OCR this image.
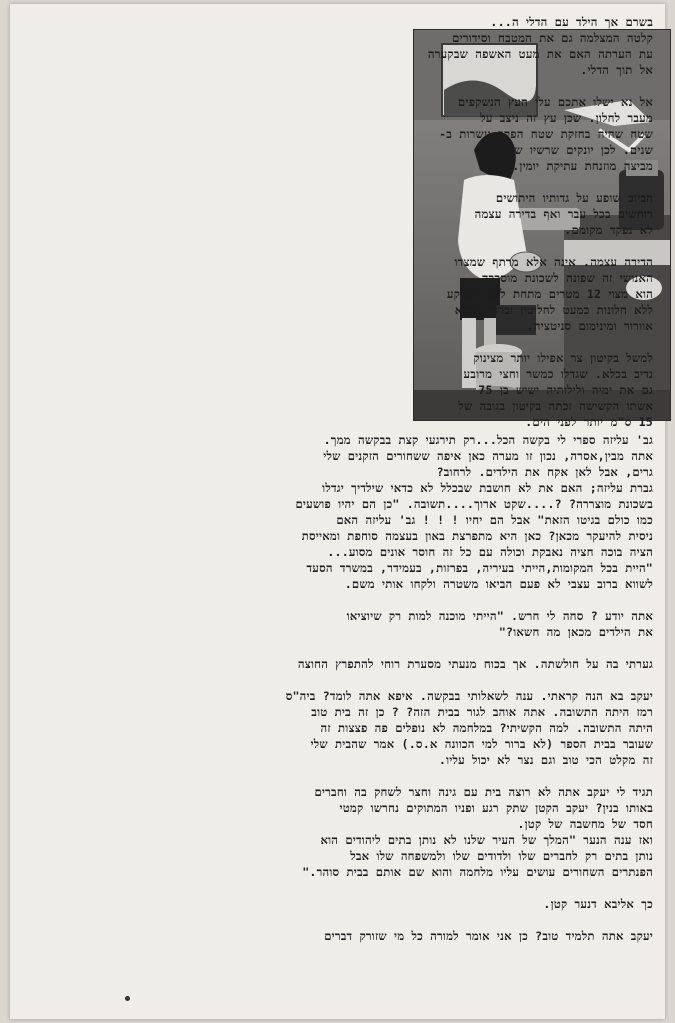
בשרם אך הילד עם הדלי ה...

קלטה המצלמה גם את המטבח וסידורים

עת הערתה האם את מעט האשפה שבקערה

אל תוך הדלי.

אל נא ישלו אתכם עלי העץ הנשקפים

מעבר לחלון. שכן עץ זה ניצב על

שטח שהיה בחזקת שטח הפקר עשרות ב-

שנים. לכן יונקים שרשיו של העץ

מביצה מוזנחת עתיקת יומין.

הביוב שופע על גדותיו היתושים

רוחשים בכל עבר ואף בדירה עצמה

לא נפקד מקומם.

הדירה עצמה. אינה אלא מרתף שמצדו

האנושי זה שפונה לשכונת מוסררה

הוא מצוי 12 מטרים מתחת לפני הקרקע

ללא חלונות כמעט לחלוטין וברור שללא

אוורור ומינימום סניטציה.

למשל בקיטון צר אפילו יותר מצינוק

נדיב בכלא. שגדלו כמשר וחצי מרובע

גם את ימיה ולילותיה ישיש בן 75

אשתו הקשישה זכתה בקיטון בגובה של

15 ס"מ יותר לפני הים.

גב' עליזה ספרי לי בקשה הכל...רק תירגעי קצת בבקשה ממך.

אתה מבין,אסרה, נכון זו מערה כאן איפה ששחורים הזקנים שלי

גרים, אבל לאן אקח את הילדים. לרחוב?

גברת עליזה; האם את לא חושבת שבכלל לא כדאי שילדיך יגדלו

בשכונת מוצררה? ?....שקט ארוך....תשובה. "כן הם יהיו פושעים

כמו כולם בגיטו הזאת" אבל הם יחיו ! ! ! גב' עליזה האם

ניסית להיעקר מכאן? כאן היא מתפרצת באון בעצמה סוחפת ומאייסת

הציה בוכה חציה נאבקת וכולה עם כל זה חוסר אונים מסוע...

"היית בכל המקומות,הייתי בעיריה, בפרזות, בעמידר, במשרד הסעד

לשווא ברוב עצבי לא פעם הביאו משטרה ולקחו אותי משם.

אתה יודע ? סחה לי חרש. "הייתי מוכנה למות רק שיוציאו

את הילדים מכאן מה חשאו?"

גערתי בה על חולשתה. אך בכוח מנעתי מסערת רוחי להתפרץ החוצה

יעקב בא הנה קראתי. ענה לשאלותי בבקשה. איפא אתה לומד? ביה"ס

רמז היתה התשובה. אתה אוהב לגור בבית הזה? ? כן זה בית טוב

היתה התשובה. למה הקשיתי? במלחמה לא נופלים פה פצצות זה

שעובר בבית הספר (לא ברור למי הכוונה א.ס.) אמר שהבית שלי

זה מקלט הכי טוב וגם נצר לא יכול עליו.

תגיד לי יעקב אתה לא רוצה בית עם גינה וחצר לשחק בה וחברים

באותו בנין? יעקב הקטן שתק רגע ופניו המתוקים נחרשו קמטי

חסד של מחשבה של קטן.

ואז ענה הנער "המלך של העיר שלנו לא נותן בתים ליהודים הוא

נותן בתים רק לחברים שלו ולדודים שלו ולמשפחה שלו אבל

הפנתרים השחורים עושים עליו מלחמה והוא שם אותם בבית סוהר."

כך אליבא דנער קטן.

יעקב אתה תלמיד טוב? כן אני אומר למורה כל מי שזורק דברים
